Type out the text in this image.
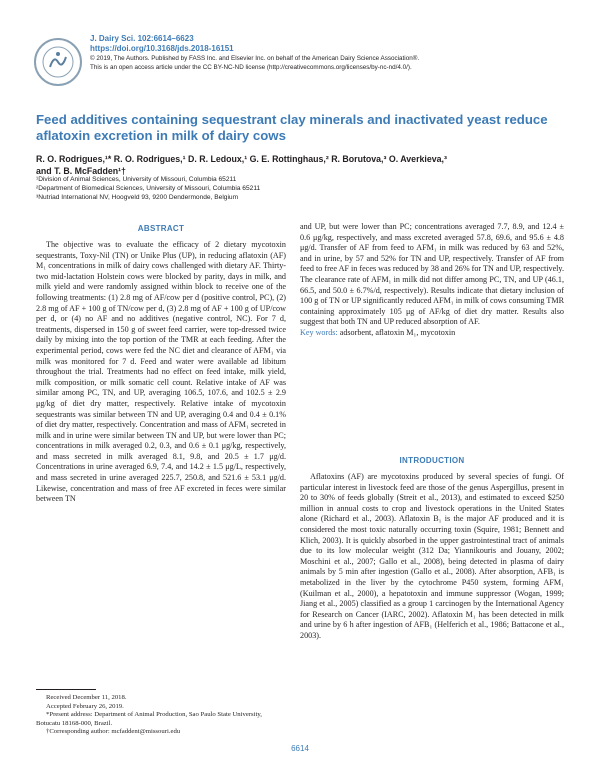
J. Dairy Sci. 102:6614–6623
https://doi.org/10.3168/jds.2018-16151
© 2019, The Authors. Published by FASS Inc. and Elsevier Inc. on behalf of the American Dairy Science Association®.
This is an open access article under the CC BY-NC-ND license (http://creativecommons.org/licenses/by-nc-nd/4.0/).
Feed additives containing sequestrant clay minerals and inactivated yeast reduce aflatoxin excretion in milk of dairy cows
R. O. Rodrigues,¹* R. O. Rodrigues,¹ D. R. Ledoux,¹ G. E. Rottinghaus,² R. Borutova,³ O. Averkieva,³
and T. B. McFadden¹†
¹Division of Animal Sciences, University of Missouri, Columbia 65211
²Department of Biomedical Sciences, University of Missouri, Columbia 65211
³Nutriad International NV, Hoogveld 93, 9200 Dendermonde, Belgium
ABSTRACT

The objective was to evaluate the efficacy of 2 dietary mycotoxin sequestrants, Toxy-Nil (TN) or Unike Plus (UP), in reducing aflatoxin (AF) M₁ concentrations in milk of dairy cows challenged with dietary AF. Thirty-two mid-lactation Holstein cows were blocked by parity, days in milk, and milk yield and were randomly assigned within block to receive one of the following treatments: (1) 2.8 mg of AF/cow per d (positive control, PC), (2) 2.8 mg of AF + 100 g of TN/cow per d, (3) 2.8 mg of AF + 100 g of UP/cow per d, or (4) no AF and no additives (negative control, NC). For 7 d, treatments, dispersed in 150 g of sweet feed carrier, were top-dressed twice daily by mixing into the top portion of the TMR at each feeding. After the experimental period, cows were fed the NC diet and clearance of AFM₁ via milk was monitored for 7 d. Feed and water were available ad libitum throughout the trial. Treatments had no effect on feed intake, milk yield, milk composition, or milk somatic cell count. Relative intake of AF was similar among PC, TN, and UP, averaging 106.5, 107.6, and 102.5 ± 2.9 μg/kg of diet dry matter, respectively. Relative intake of mycotoxin sequestrants was similar between TN and UP, averaging 0.4 and 0.4 ± 0.1% of diet dry matter, respectively. Concentration and mass of AFM₁ secreted in milk and in urine were similar between TN and UP, but were lower than PC; concentrations in milk averaged 0.2, 0.3, and 0.6 ± 0.1 μg/kg, respectively, and mass secreted in milk averaged 8.1, 9.8, and 20.5 ± 1.7 μg/d. Concentrations in urine averaged 6.9, 7.4, and 14.2 ± 1.5 μg/L, respectively, and mass secreted in urine averaged 225.7, 250.8, and 521.6 ± 53.1 μg/d. Likewise, concentration and mass of free AF excreted in feces were similar between TN

Received December 11, 2018.
Accepted February 26, 2019.
*Present address: Department of Animal Production, Sao Paulo State University, Botucatu 18168-000, Brazil.
†Corresponding author: mcfaddent@missouri.edu

and UP, but were lower than PC; concentrations averaged 7.7, 8.9, and 12.4 ± 0.6 μg/kg, respectively, and mass excreted averaged 57.8, 69.6, and 95.6 ± 4.8 μg/d. Transfer of AF from feed to AFM₁ in milk was reduced by 63 and 52%, and in urine, by 57 and 52% for TN and UP, respectively. Transfer of AF from feed to free AF in feces was reduced by 38 and 26% for TN and UP, respectively. The clearance rate of AFM₁ in milk did not differ among PC, TN, and UP (46.1, 66.5, and 50.0 ± 6.7%/d, respectively). Results indicate that dietary inclusion of 100 g of TN or UP significantly reduced AFM₁ in milk of cows consuming TMR containing approximately 105 μg of AF/kg of diet dry matter. Results also suggest that both TN and UP reduced absorption of AF.

Key words: adsorbent, aflatoxin M₁, mycotoxin

INTRODUCTION

Aflatoxins (AF) are mycotoxins produced by several species of fungi. Of particular interest in livestock feed are those of the genus Aspergillus, present in 20 to 30% of feeds globally (Streit et al., 2013), and estimated to exceed $250 million in annual costs to crop and livestock operations in the United States alone (Richard et al., 2003). Aflatoxin B₁ is the major AF produced and it is considered the most toxic naturally occurring toxin (Squire, 1981; Bennett and Klich, 2003). It is quickly absorbed in the upper gastrointestinal tract of animals due to its low molecular weight (312 Da; Yiannikouris and Jouany, 2002; Moschini et al., 2007; Gallo et al., 2008), being detected in plasma of dairy animals by 5 min after ingestion (Gallo et al., 2008). After absorption, AFB₁ is metabolized in the liver by the cytochrome P450 system, forming AFM₁ (Kuilman et al., 2000), a hepatotoxin and immune suppressor (Wogan, 1999; Jiang et al., 2005) classified as a group 1 carcinogen by the International Agency for Research on Cancer (IARC, 2002). Aflatoxin M₁ has been detected in milk and urine by 6 h after ingestion of AFB₁ (Helferich et al., 1986; Battacone et al., 2003).

6614
